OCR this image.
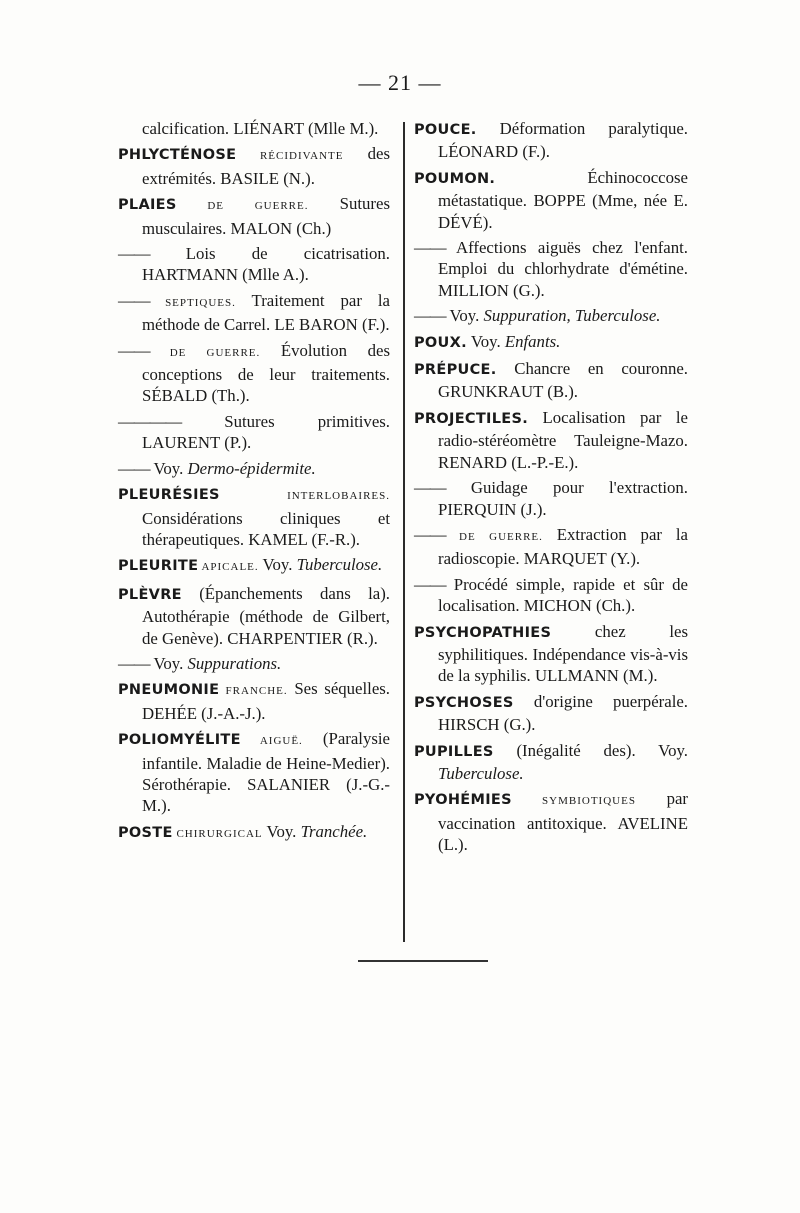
— 21 —

calcification. LIÉNART (Mlle M.).

PHLYCTÉNOSE RÉCIDIVANTE des extrémités. BASILE (N.).

PLAIES DE GUERRE. Sutures musculaires. MALON (Ch.)

—— Lois de cicatrisation. HARTMANN (Mlle A.).

—— SEPTIQUES. Traitement par la méthode de Carrel. LE BARON (F.).

—— DE GUERRE. Évolution des conceptions de leur traitements. SÉBALD (Th.).

———— Sutures primitives. LAURENT (P.).

—— Voy. Dermo-épidermite.

PLEURÉSIES INTERLOBAIRES. Considérations cliniques et thérapeutiques. KAMEL (F.-R.).

PLEURITE APICALE. Voy. Tuberculose.

PLÈVRE (Épanchements dans la). Autothérapie (méthode de Gilbert, de Genève). CHARPENTIER (R.).

—— Voy. Suppurations.

PNEUMONIE FRANCHE. Ses séquelles. DEHÉE (J.-A.-J.).

POLIOMYÉLITE AIGUË. (Paralysie infantile. Maladie de Heine-Medier). Sérothérapie. SALANIER (J.-G.-M.).

POSTE CHIRURGICAL Voy. Tranchée.

POUCE. Déformation paralytique. LÉONARD (F.).

POUMON. Échinococcose métastatique. BOPPE (Mme, née E. DÉVÉ).

—— Affections aiguës chez l'enfant. Emploi du chlorhydrate d'émétine. MILLION (G.).

—— Voy. Suppuration, Tuberculose.

POUX. Voy. Enfants.

PRÉPUCE. Chancre en couronne. GRUNKRAUT (B.).

PROJECTILES. Localisation par le radio-stéréomètre Tauleigne-Mazo. RENARD (L.-P.-E.).

—— Guidage pour l'extraction. PIERQUIN (J.).

—— DE GUERRE. Extraction par la radioscopie. MARQUET (Y.).

—— Procédé simple, rapide et sûr de localisation. MICHON (Ch.).

PSYCHOPATHIES chez les syphilitiques. Indépendance vis-à-vis de la syphilis. ULLMANN (M.).

PSYCHOSES d'origine puerpérale. HIRSCH (G.).

PUPILLES (Inégalité des). Voy. Tuberculose.

PYOHÉMIES SYMBIOTIQUES par vaccination antitoxique. AVELINE (L.).
